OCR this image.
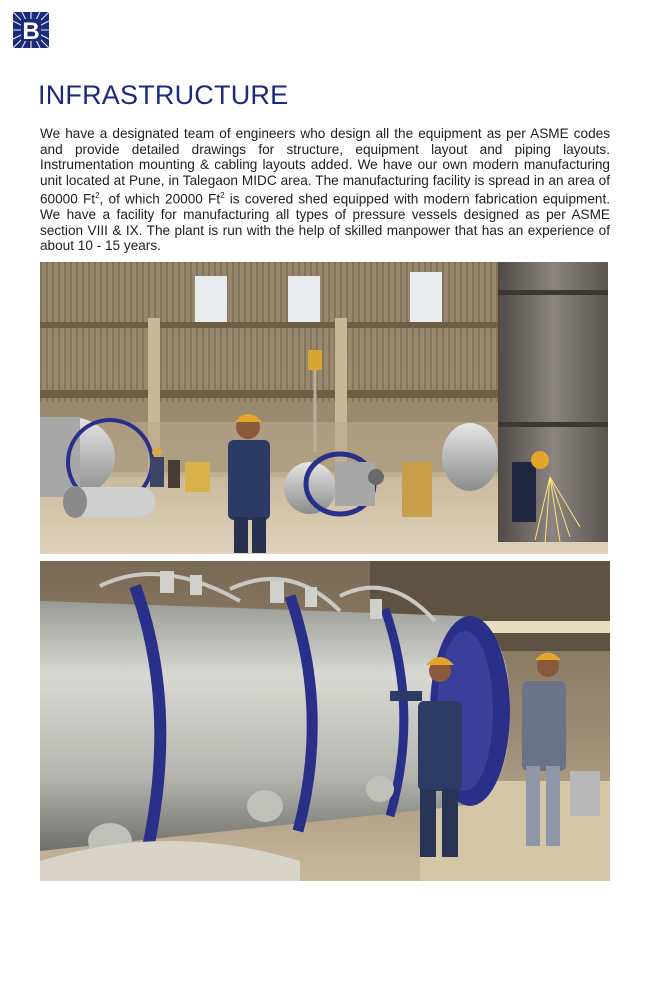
B
INFRASTRUCTURE

We have a designated team of engineers who design all the equipment as per ASME codes and provide detailed drawings for structure, equipment layout and piping layouts. Instrumentation mounting & cabling layouts added. We have our own modern manufacturing unit located at Pune, in Talegaon MIDC area. The manufacturing facility is spread in an area of 60000 Ft$^2$, of which 20000 Ft$^2$ is covered shed equipped with modern fabrication equipment. We have a facility for manufacturing all types of pressure vessels designed as per ASME section VIII & IX. The plant is run with the help of skilled manpower that has an experience of about 10 - 15 years.
